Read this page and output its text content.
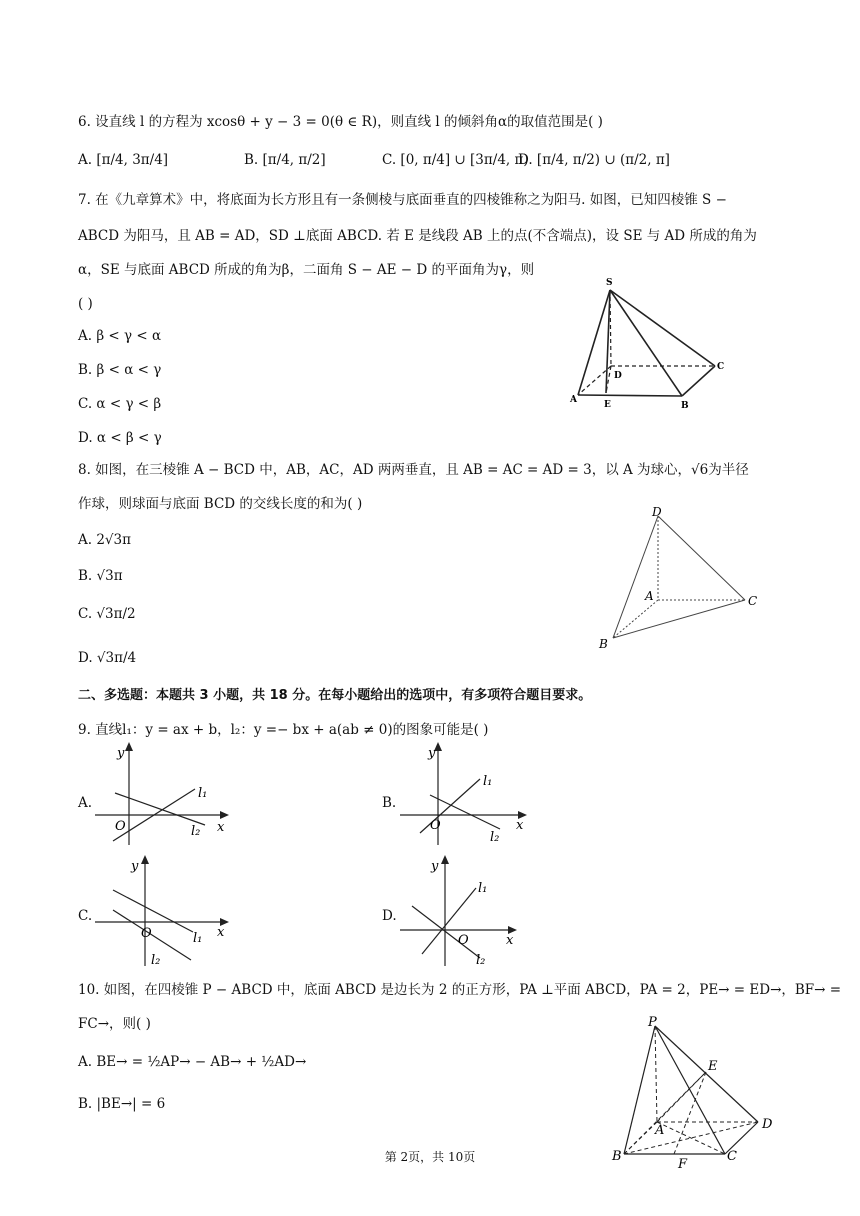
6. 设直线 l 的方程为 xcosθ + y − 3 = 0(θ ∈ R)，则直线 l 的倾斜角α的取值范围是( )
A. [π/4, 3π/4]	B. [π/4, π/2]	C. [0, π/4] ∪ [3π/4, π)
D. [π/4, π/2) ∪ (π/2, π]
7. 在《九章算术》中，将底面为长方形且有一条侧棱与底面垂直的四棱锥称之为阳马. 如图，已知四棱锥 S −
ABCD 为阳马，且 AB = AD，SD ⊥底面 ABCD. 若 E 是线段 AB 上的点(不含端点)，设 SE 与 AD 所成的角为
α，SE 与底面 ABCD 所成的角为β，二面角 S − AE − D 的平面角为γ，则
( )
A. β < γ < α
B. β < α < γ
C. α < γ < β
D. α < β < γ
S
D
C
A	E	B
8. 如图，在三棱锥 A − BCD 中，AB，AC，AD 两两垂直，且 AB = AC = AD = 3，以 A 为球心，√6为半径
作球，则球面与底面 BCD 的交线长度的和为( )
A. 2√3π
B. √3π
C. √3π/2
D. √3π/4
D
A	C
B
二、多选题：本题共 3 小题，共 18 分。在每小题给出的选项中，有多项符合题目要求。
9. 直线l₁：y = ax + b，l₂：y =− bx + a(ab ≠ 0)的图象可能是( )
A.
y
x
O
l₁
l₂
B.
y
x
O
l₁
l₂
C.
y
x
O	l₁
l₂
D.
y
x
O
l₁
l₂
10. 如图，在四棱锥 P − ABCD 中，底面 ABCD 是边长为 2 的正方形，PA ⊥平面 ABCD，PA = 2，PE→ = ED→，BF→ =
FC→，则( )
A. BE→ = ½AP→ − AB→ + ½AD→
B. |BE→| = 6
P
E
A	D
B
F
C
第 2页，共 10页
